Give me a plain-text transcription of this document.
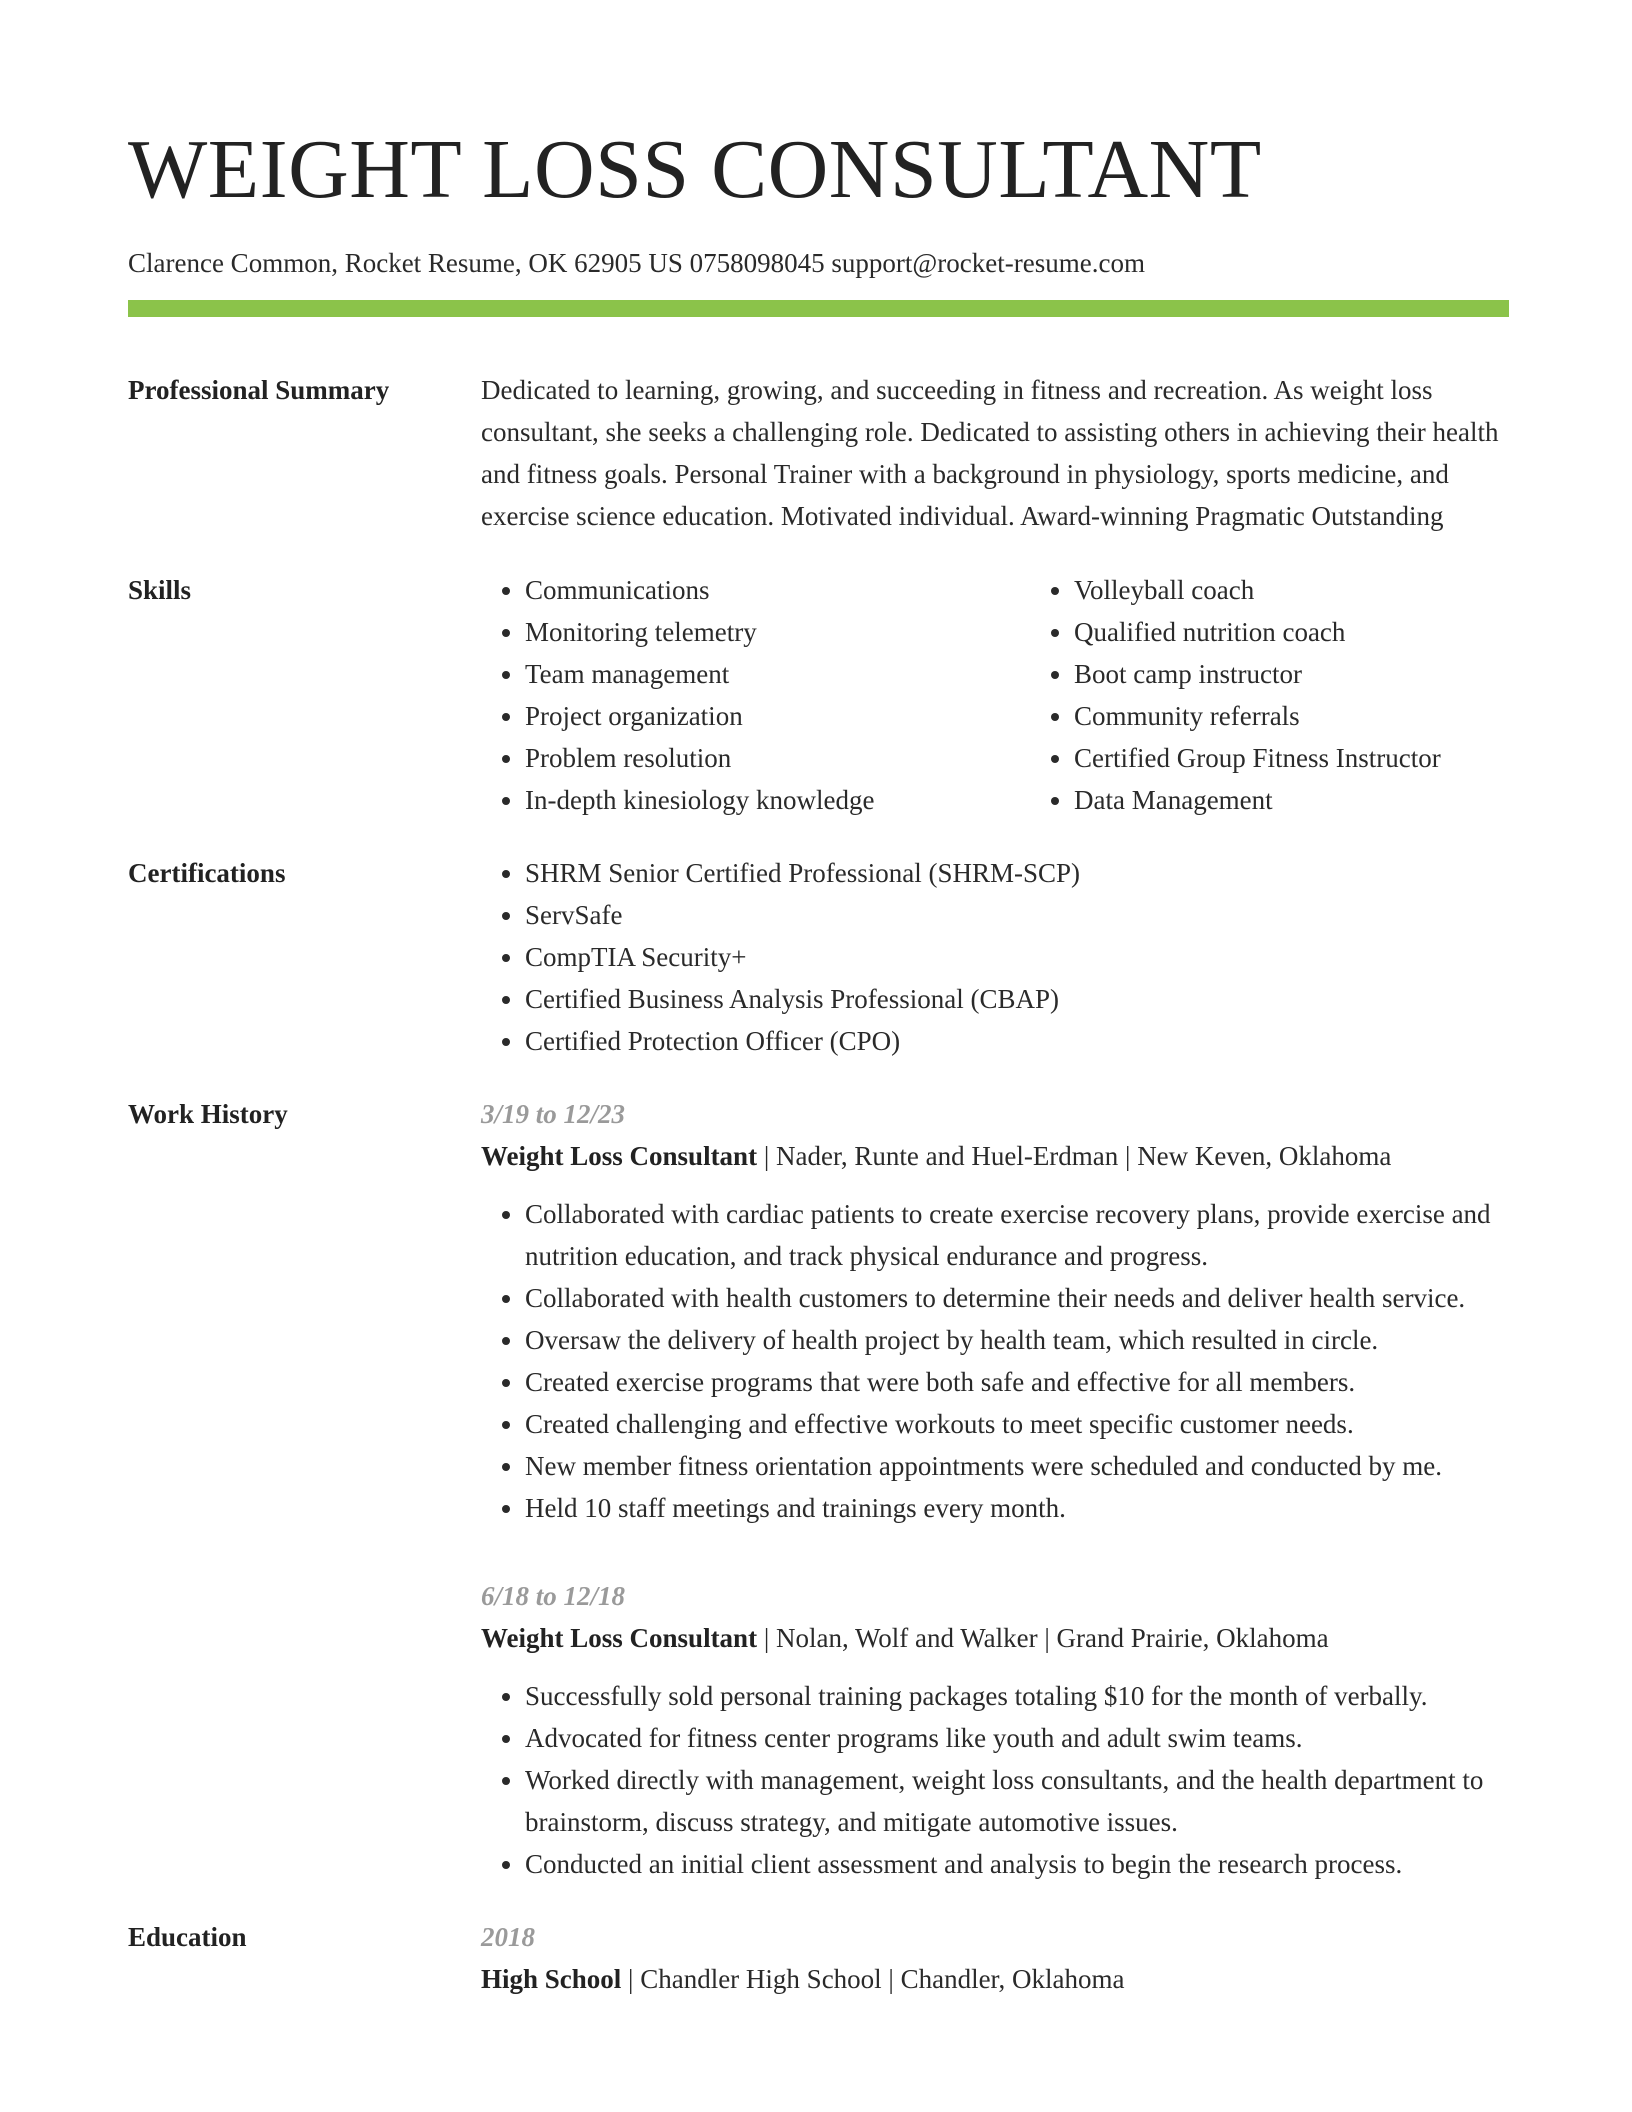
WEIGHT LOSS CONSULTANT
Clarence Common, Rocket Resume, OK 62905 US 0758098045 support@rocket-resume.com
Professional Summary	Dedicated to learning, growing, and succeeding in fitness and recreation. As weight loss consultant, she seeks a challenging role. Dedicated to assisting others in achieving their health and fitness goals. Personal Trainer with a background in physiology, sports medicine, and exercise science education. Motivated individual. Award-winning Pragmatic Outstanding

Skills	• Communications
• Monitoring telemetry
• Team management
• Project organization
• Problem resolution
• In-depth kinesiology knowledge
• Volleyball coach
• Qualified nutrition coach
• Boot camp instructor
• Community referrals
• Certified Group Fitness Instructor
• Data Management
Certifications	• SHRM Senior Certified Professional (SHRM-SCP)
• ServSafe
• CompTIA Security+
• Certified Business Analysis Professional (CBAP)
• Certified Protection Officer (CPO)
Work History	3/19 to 12/23
Weight Loss Consultant | Nader, Runte and Huel-Erdman | New Keven, Oklahoma
• Collaborated with cardiac patients to create exercise recovery plans, provide exercise and nutrition education, and track physical endurance and progress.
• Collaborated with health customers to determine their needs and deliver health service.
• Oversaw the delivery of health project by health team, which resulted in circle.
• Created exercise programs that were both safe and effective for all members.
• Created challenging and effective workouts to meet specific customer needs.
• New member fitness orientation appointments were scheduled and conducted by me.
• Held 10 staff meetings and trainings every month.
6/18 to 12/18
Weight Loss Consultant | Nolan, Wolf and Walker | Grand Prairie, Oklahoma
• Successfully sold personal training packages totaling $10 for the month of verbally.
• Advocated for fitness center programs like youth and adult swim teams.
• Worked directly with management, weight loss consultants, and the health department to brainstorm, discuss strategy, and mitigate automotive issues.
• Conducted an initial client assessment and analysis to begin the research process.
Education	2018
High School | Chandler High School | Chandler, Oklahoma
